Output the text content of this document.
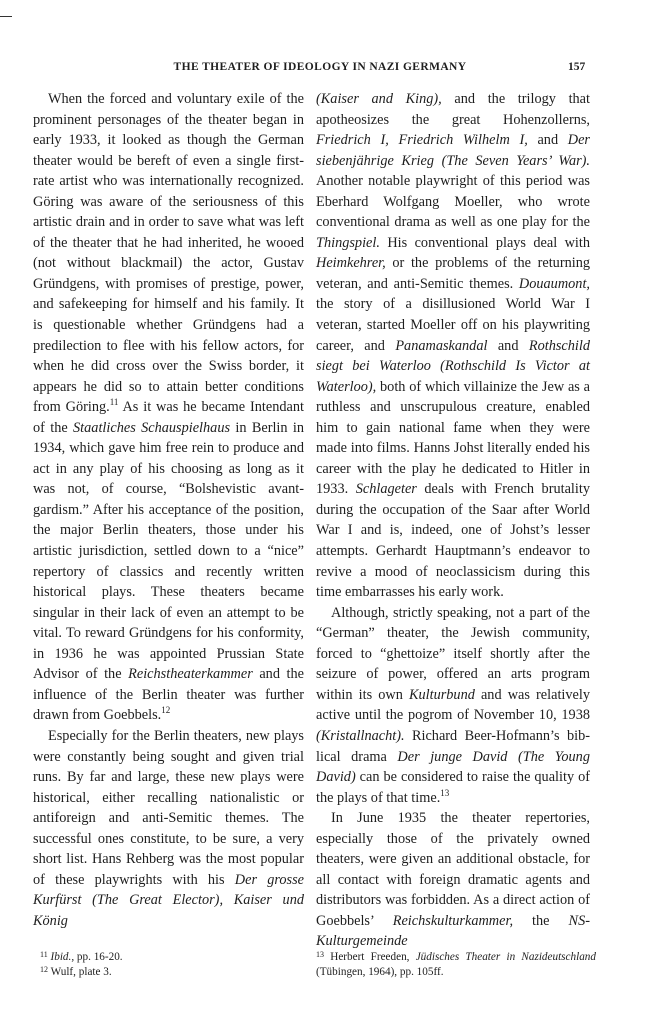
THE THEATER OF IDEOLOGY IN NAZI GERMANY	157

When the forced and voluntary exile of the prominent personages of the theater began in early 1933, it looked as though the German theater would be bereft of even a single first-rate artist who was internationally recognized. Göring was aware of the seriousness of this artistic drain and in order to save what was left of the theater that he had inherited, he wooed (not without blackmail) the actor, Gustav Gründgens, with promises of prestige, power, and safekeeping for himself and his family. It is questionable whether Gründgens had a predilection to flee with his fellow actors, for when he did cross over the Swiss border, it appears he did so to attain better conditions from Göring.$^{11}$ As it was he became Intendant of the Staatliches Schauspielhaus in Berlin in 1934, which gave him free rein to produce and act in any play of his choosing as long as it was not, of course, “Bolshevistic avant-gardism.” After his acceptance of the position, the major Berlin theaters, those under his artistic jurisdiction, settled down to a “nice” repertory of classics and recently written historical plays. These theaters became singular in their lack of even an attempt to be vital. To reward Gründgens for his conformity, in 1936 he was appointed Prussian State Advisor of the Reichstheaterkammer and the influence of the Berlin theater was further drawn from Goebbels.$^{12}$

Especially for the Berlin theaters, new plays were constantly being sought and given trial runs. By far and large, these new plays were historical, either recalling nationalistic or antiforeign and anti-Semitic themes. The successful ones constitute, to be sure, a very short list. Hans Rehberg was the most popular of these playwrights with his Der grosse Kurfürst (The Great Elector), Kaiser und König

(Kaiser and King), and the trilogy that apotheosizes the great Hohenzollerns, Friedrich I, Friedrich Wilhelm I, and Der siebenjährige Krieg (The Seven Years’ War). Another notable playwright of this period was Eberhard Wolfgang Moeller, who wrote conventional drama as well as one play for the Thingspiel. His conventional plays deal with Heimkehrer, or the problems of the returning veteran, and anti-Semitic themes. Douaumont, the story of a disillusioned World War I veteran, started Moeller off on his playwriting career, and Panamaskandal and Rothschild siegt bei Waterloo (Rothschild Is Victor at Waterloo), both of which villainize the Jew as a ruthless and unscrupulous creature, enabled him to gain national fame when they were made into films. Hanns Johst literally ended his career with the play he dedicated to Hitler in 1933. Schlageter deals with French brutality during the occupation of the Saar after World War I and is, indeed, one of Johst’s lesser attempts. Gerhardt Hauptmann’s endeavor to revive a mood of neoclassicism during this time embarrasses his early work.

Although, strictly speaking, not a part of the “German” theater, the Jewish community, forced to “ghettoize” itself shortly after the seizure of power, offered an arts program within its own Kulturbund and was relatively active until the pogrom of November 10, 1938 (Kristallnacht). Richard Beer-Hofmann’s biblical drama Der junge David (The Young David) can be considered to raise the quality of the plays of that time.$^{13}$

In June 1935 the theater repertories, especially those of the privately owned theaters, were given an additional obstacle, for all contact with foreign dramatic agents and distributors was forbidden. As a direct action of Goebbels’ Reichskulturkammer, the NS-Kulturgemeinde

$^{11}$ Ibid., pp. 16-20.

$^{12}$ Wulf, plate 3.

$^{13}$ Herbert Freeden, Jüdisches Theater in Nazideutschland (Tübingen, 1964), pp. 105ff.
